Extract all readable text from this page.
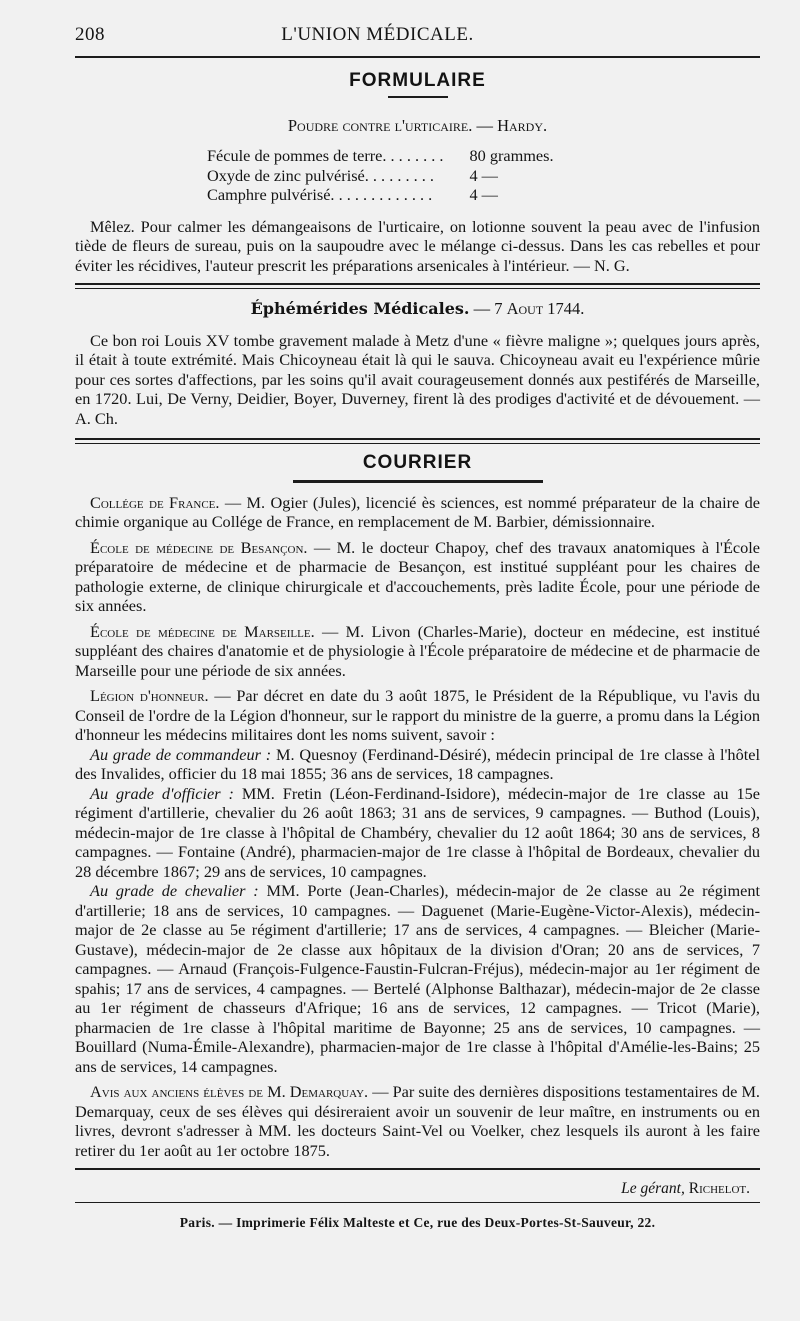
208	L'UNION MÉDICALE.
FORMULAIRE
Poudre contre l'urticaire. — Hardy.
Fécule de pommes de terre. . . . . . . .	80 grammes.
Oxyde de zinc pulvérisé. . . . . . . . .	4 —
Camphre pulvérisé. . . . . . . . . . . . .	4 —

Mêlez. Pour calmer les démangeaisons de l'urticaire, on lotionne souvent la peau avec de l'infusion tiède de fleurs de sureau, puis on la saupoudre avec le mélange ci-dessus. Dans les cas rebelles et pour éviter les récidives, l'auteur prescrit les préparations arsenicales à l'intérieur. — N. G.

Éphémérides Médicales. — 7 Aout 1744.

Ce bon roi Louis XV tombe gravement malade à Metz d'une « fièvre maligne »; quelques jours après, il était à toute extrémité. Mais Chicoyneau était là qui le sauva. Chicoyneau avait eu l'expérience mûrie pour ces sortes d'affections, par les soins qu'il avait courageusement donnés aux pestiférés de Marseille, en 1720. Lui, De Verny, Deidier, Boyer, Duverney, firent là des prodiges d'activité et de dévouement. — A. Ch.

COURRIER

Collége de France. — M. Ogier (Jules), licencié ès sciences, est nommé préparateur de la chaire de chimie organique au Collége de France, en remplacement de M. Barbier, démissionnaire.

École de médecine de Besançon. — M. le docteur Chapoy, chef des travaux anatomiques à l'École préparatoire de médecine et de pharmacie de Besançon, est institué suppléant pour les chaires de pathologie externe, de clinique chirurgicale et d'accouchements, près ladite École, pour une période de six années.

École de médecine de Marseille. — M. Livon (Charles-Marie), docteur en médecine, est institué suppléant des chaires d'anatomie et de physiologie à l'École préparatoire de médecine et de pharmacie de Marseille pour une période de six années.

Légion d'honneur. — Par décret en date du 3 août 1875, le Président de la République, vu l'avis du Conseil de l'ordre de la Légion d'honneur, sur le rapport du ministre de la guerre, a promu dans la Légion d'honneur les médecins militaires dont les noms suivent, savoir :

Au grade de commandeur : M. Quesnoy (Ferdinand-Désiré), médecin principal de 1re classe à l'hôtel des Invalides, officier du 18 mai 1855; 36 ans de services, 18 campagnes.

Au grade d'officier : MM. Fretin (Léon-Ferdinand-Isidore), médecin-major de 1re classe au 15e régiment d'artillerie, chevalier du 26 août 1863; 31 ans de services, 9 campagnes. — Buthod (Louis), médecin-major de 1re classe à l'hôpital de Chambéry, chevalier du 12 août 1864; 30 ans de services, 8 campagnes. — Fontaine (André), pharmacien-major de 1re classe à l'hôpital de Bordeaux, chevalier du 28 décembre 1867; 29 ans de services, 10 campagnes.

Au grade de chevalier : MM. Porte (Jean-Charles), médecin-major de 2e classe au 2e régiment d'artillerie; 18 ans de services, 10 campagnes. — Daguenet (Marie-Eugène-Victor-Alexis), médecin-major de 2e classe au 5e régiment d'artillerie; 17 ans de services, 4 campagnes. — Bleicher (Marie-Gustave), médecin-major de 2e classe aux hôpitaux de la division d'Oran; 20 ans de services, 7 campagnes. — Arnaud (François-Fulgence-Faustin-Fulcran-Fréjus), médecin-major au 1er régiment de spahis; 17 ans de services, 4 campagnes. — Bertelé (Alphonse Balthazar), médecin-major de 2e classe au 1er régiment de chasseurs d'Afrique; 16 ans de services, 12 campagnes. — Tricot (Marie), pharmacien de 1re classe à l'hôpital maritime de Bayonne; 25 ans de services, 10 campagnes. — Bouillard (Numa-Émile-Alexandre), pharmacien-major de 1re classe à l'hôpital d'Amélie-les-Bains; 25 ans de services, 14 campagnes.

Avis aux anciens élèves de M. Demarquay. — Par suite des dernières dispositions testamentaires de M. Demarquay, ceux de ses élèves qui désireraient avoir un souvenir de leur maître, en instruments ou en livres, devront s'adresser à MM. les docteurs Saint-Vel ou Voelker, chez lesquels ils auront à les faire retirer du 1er août au 1er octobre 1875.

Le gérant, Richelot.
Paris. — Imprimerie Félix Malteste et Ce, rue des Deux-Portes-St-Sauveur, 22.
